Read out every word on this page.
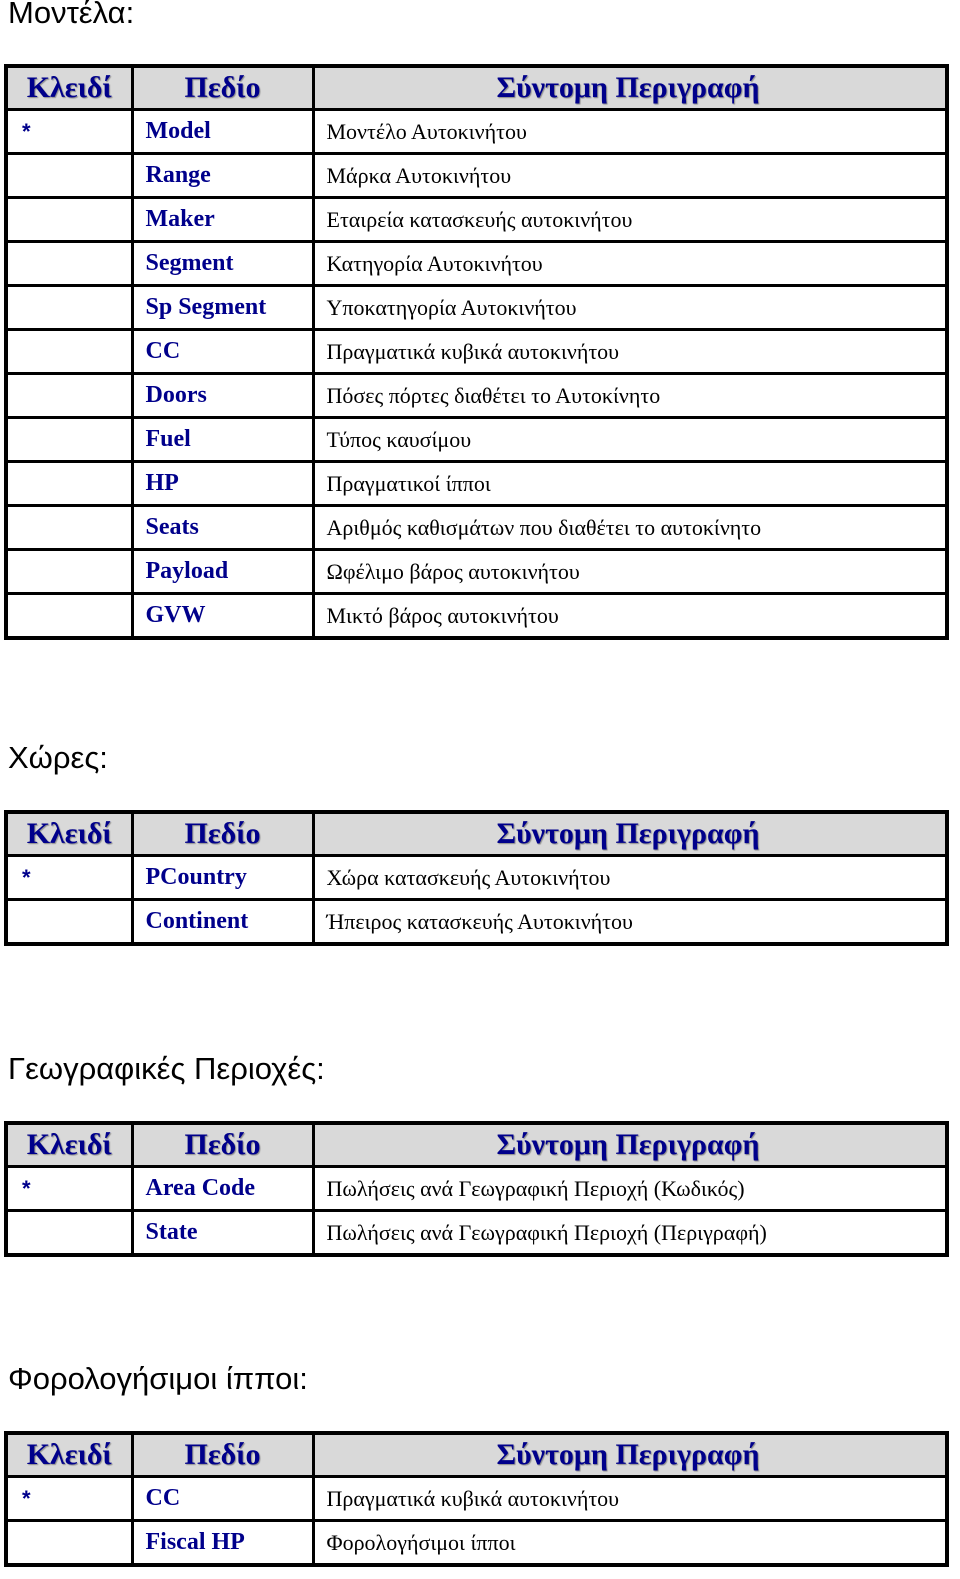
Μοντέλα:
Κλειδί	Πεδίο	Σύντομη Περιγραφή
*	Model	Μοντέλο Αυτοκινήτου
	Range	Μάρκα Αυτοκινήτου
	Maker	Εταιρεία κατασκευής αυτοκινήτου
	Segment	Κατηγορία Αυτοκινήτου
	Sp Segment	Υποκατηγορία Αυτοκινήτου
	CC	Πραγματικά κυβικά αυτοκινήτου
	Doors	Πόσες πόρτες διαθέτει το Αυτοκίνητο
	Fuel	Τύπος καυσίμου
	HP	Πραγματικοί ίπποι
	Seats	Αριθμός καθισμάτων που διαθέτει το αυτοκίνητο
	Payload	Ωφέλιμο βάρος αυτοκινήτου
	GVW	Μικτό βάρος αυτοκινήτου
Χώρες:
Κλειδί	Πεδίο	Σύντομη Περιγραφή
*	PCountry	Χώρα κατασκευής Αυτοκινήτου
	Continent	Ήπειρος κατασκευής Αυτοκινήτου
Γεωγραφικές Περιοχές:
Κλειδί	Πεδίο	Σύντομη Περιγραφή
*	Area Code	Πωλήσεις ανά Γεωγραφική Περιοχή (Κωδικός)
	State	Πωλήσεις ανά Γεωγραφική Περιοχή (Περιγραφή)
Φορολογήσιμοι ίπποι:
Κλειδί	Πεδίο	Σύντομη Περιγραφή
*	CC	Πραγματικά κυβικά αυτοκινήτου
	Fiscal HP	Φορολογήσιμοι ίπποι
